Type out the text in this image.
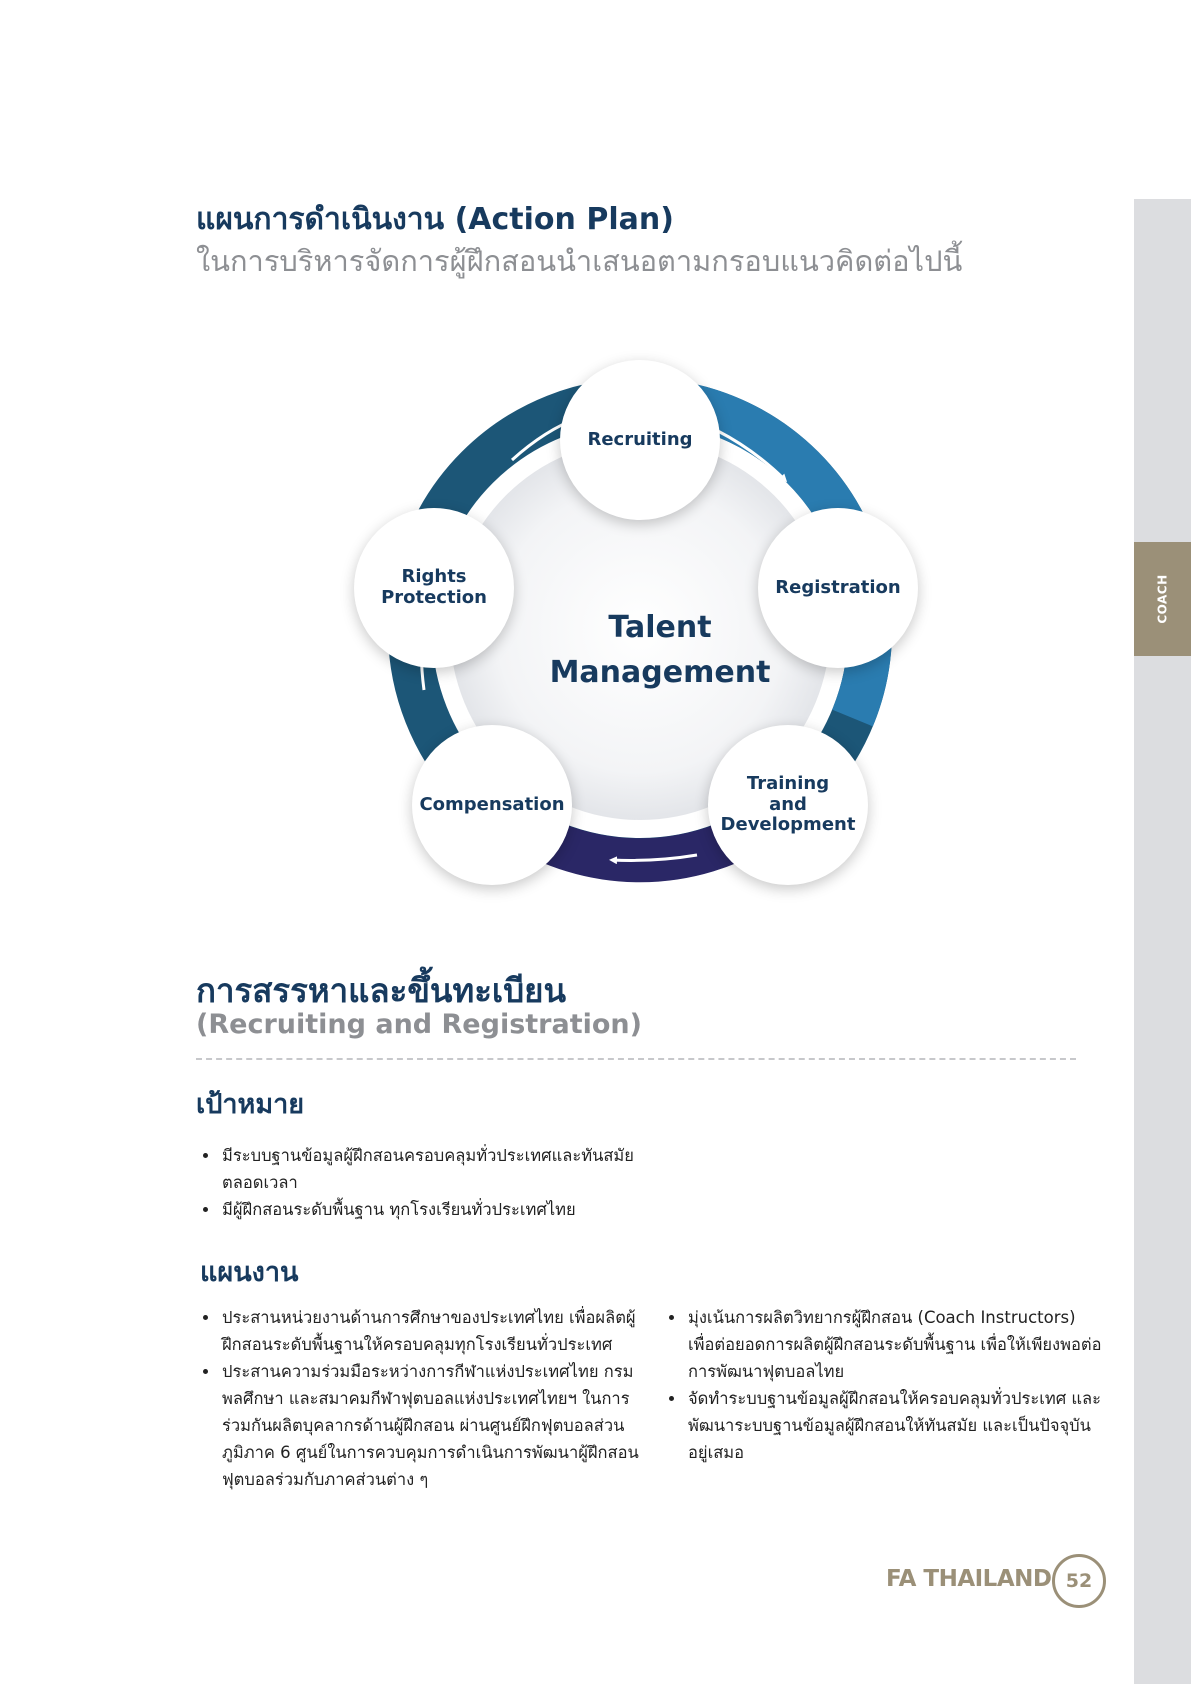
COACH
แผนการดำเนินงาน (Action Plan)
ในการบริหารจัดการผู้ฝึกสอนนำเสนอตามกรอบแนวคิดต่อไปนี้
Talent
Management
Recruiting
Registration
Training
and
Development
Compensation
Rights
Protection
การสรรหาและขึ้นทะเบียน
(Recruiting and Registration)
เป้าหมาย
• มีระบบฐานข้อมูลผู้ฝึกสอนครอบคลุมทั่วประเทศและทันสมัยตลอดเวลา
• มีผู้ฝึกสอนระดับพื้นฐาน ทุกโรงเรียนทั่วประเทศไทย
แผนงาน
• ประสานหน่วยงานด้านการศึกษาของประเทศไทย เพื่อผลิตผู้ฝึกสอนระดับพื้นฐานให้ครอบคลุมทุกโรงเรียนทั่วประเทศ
• ประสานความร่วมมือระหว่างการกีฬาแห่งประเทศไทย กรมพลศึกษา และสมาคมกีฬาฟุตบอลแห่งประเทศไทยฯ ในการร่วมกันผลิตบุคลากรด้านผู้ฝึกสอน ผ่านศูนย์ฝึกฟุตบอลส่วนภูมิภาค 6 ศูนย์ในการควบคุมการดำเนินการพัฒนาผู้ฝึกสอนฟุตบอลร่วมกับภาคส่วนต่าง ๆ
• มุ่งเน้นการผลิตวิทยากรผู้ฝึกสอน (Coach Instructors) เพื่อต่อยอดการผลิตผู้ฝึกสอนระดับพื้นฐาน เพื่อให้เพียงพอต่อการพัฒนาฟุตบอลไทย
• จัดทำระบบฐานข้อมูลผู้ฝึกสอนให้ครอบคลุมทั่วประเทศ และพัฒนาระบบฐานข้อมูลผู้ฝึกสอนให้ทันสมัย และเป็นปัจจุบันอยู่เสมอ
FA THAILAND 52
